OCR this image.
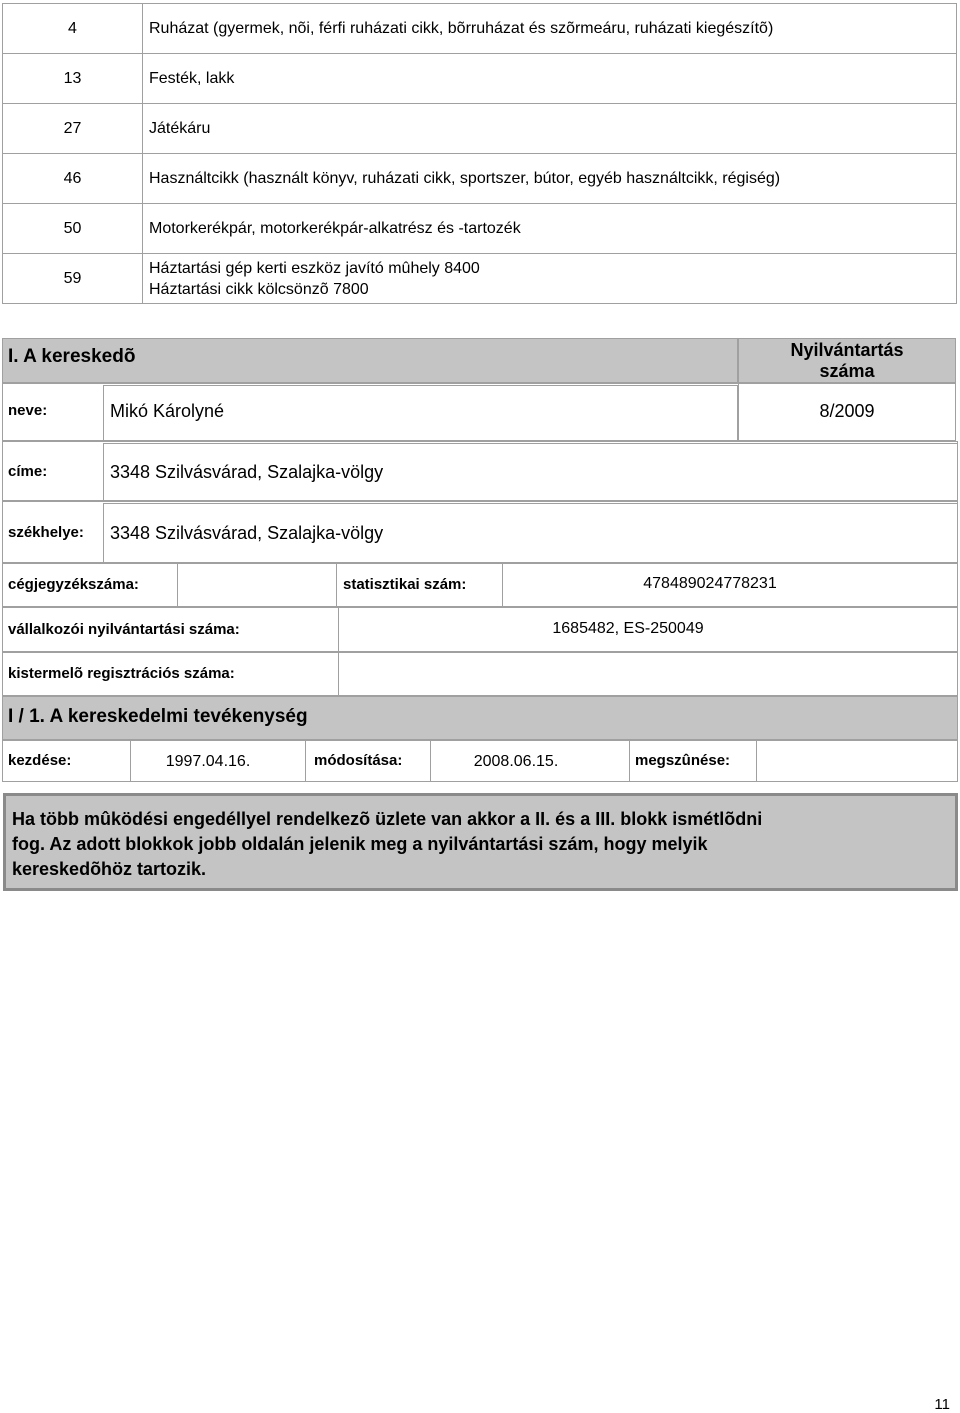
4	Ruházat (gyermek, nõi, férfi ruházati cikk, bõrruházat és szõrmeáru, ruházati kiegészítõ)
13	Festék, lakk
27	Játékáru
46	Használtcikk (használt könyv, ruházati cikk, sportszer, bútor, egyéb használtcikk, régiség)
50	Motorkerékpár, motorkerékpár-alkatrész és -tartozék
59	Háztartási gép kerti eszköz javító mûhely 8400
Háztartási cikk kölcsönzõ 7800
I. A kereskedõ	Nyilvántartás
száma
neve:	Mikó Károlyné	8/2009
címe:	3348 Szilvásvárad, Szalajka-völgy
székhelye: 3348 Szilvásvárad, Szalajka-völgy
cégjegyzékszáma:	statisztikai szám:	478489024778231
vállalkozói nyilvántartási száma:	1685482, ES-250049
kistermelõ regisztrációs száma:
I / 1. A kereskedelmi tevékenység
kezdése:	1997.04.16.	módosítása:	2008.06.15.	megszûnése:
Ha több mûködési engedéllyel rendelkezõ üzlete van akkor a II. és a III. blokk ismétlõdni
fog. Az adott blokkok jobb oldalán jelenik meg a nyilvántartási szám, hogy melyik
kereskedõhöz tartozik.
11
